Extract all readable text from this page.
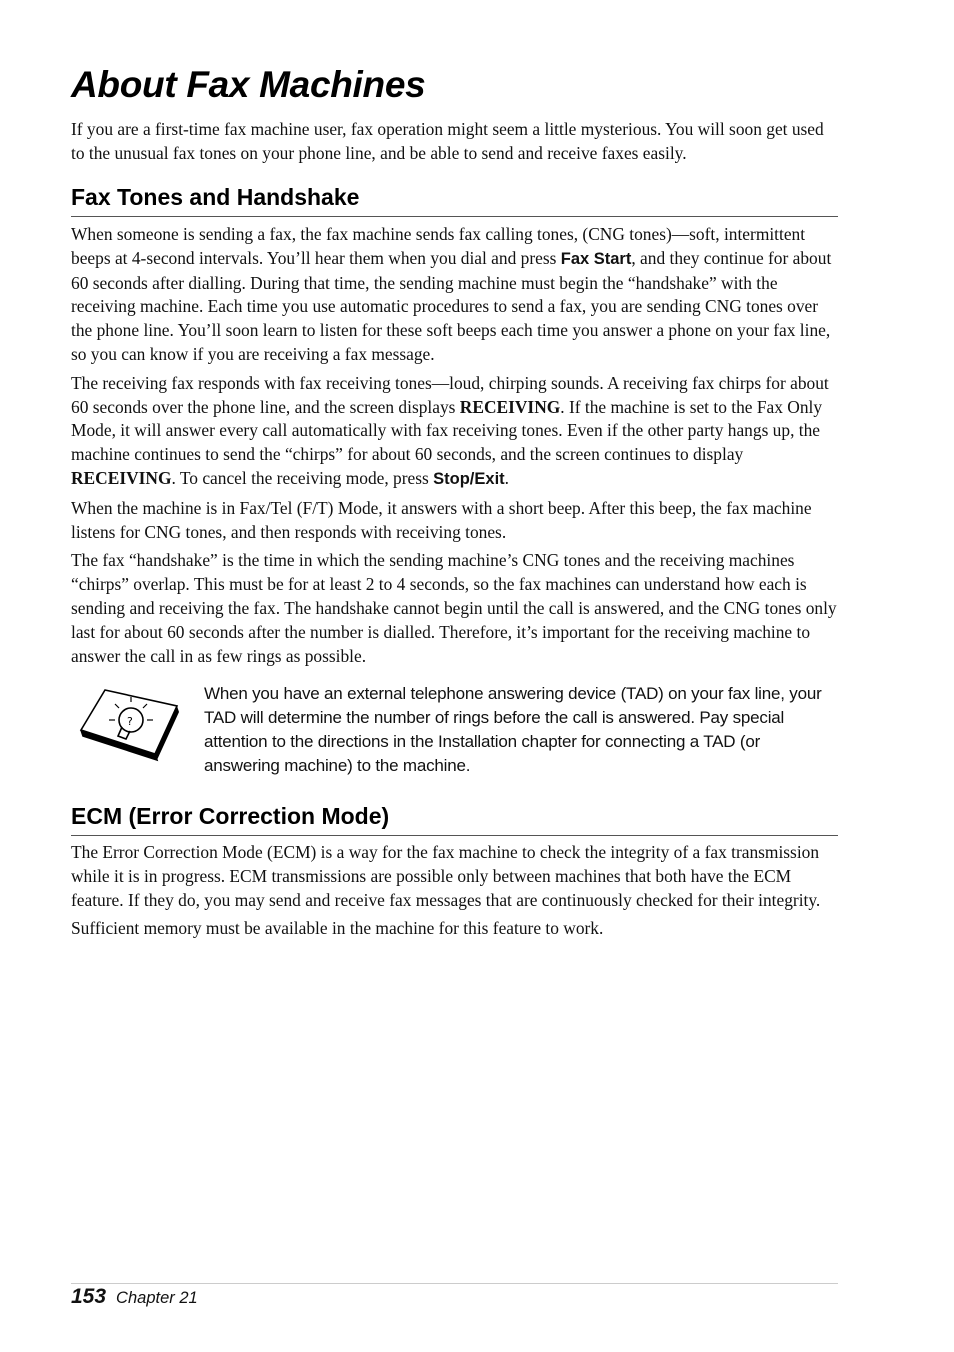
About Fax Machines

If you are a first-time fax machine user, fax operation might seem a little mysterious. You will soon get used to the unusual fax tones on your phone line, and be able to send and receive faxes easily.

Fax Tones and Handshake

When someone is sending a fax, the fax machine sends fax calling tones, (CNG tones)—soft, intermittent beeps at 4-second intervals. You’ll hear them when you dial and press Fax Start, and they continue for about 60 seconds after dialling. During that time, the sending machine must begin the “handshake” with the receiving machine. Each time you use automatic procedures to send a fax, you are sending CNG tones over the phone line. You’ll soon learn to listen for these soft beeps each time you answer a phone on your fax line, so you can know if you are receiving a fax message.

The receiving fax responds with fax receiving tones—loud, chirping sounds. A receiving fax chirps for about 60 seconds over the phone line, and the screen displays RECEIVING. If the machine is set to the Fax Only Mode, it will answer every call automatically with fax receiving tones. Even if the other party hangs up, the machine continues to send the “chirps” for about 60 seconds, and the screen continues to display RECEIVING. To cancel the receiving mode, press Stop/Exit.

When the machine is in Fax/Tel (F/T) Mode, it answers with a short beep. After this beep, the fax machine listens for CNG tones, and then responds with receiving tones.

The fax “handshake” is the time in which the sending machine’s CNG tones and the receiving machines “chirps” overlap. This must be for at least 2 to 4 seconds, so the fax machines can understand how each is sending and receiving the fax. The handshake cannot begin until the call is answered, and the CNG tones only last for about 60 seconds after the number is dialled. Therefore, it’s important for the receiving machine to answer the call in as few rings as possible.

?

When you have an external telephone answering device (TAD) on your fax line, your TAD will determine the number of rings before the call is answered. Pay special attention to the directions in the Installation chapter for connecting a TAD (or answering machine) to the machine.

ECM (Error Correction Mode)

The Error Correction Mode (ECM) is a way for the fax machine to check the integrity of a fax transmission while it is in progress. ECM transmissions are possible only between machines that both have the ECM feature. If they do, you may send and receive fax messages that are continuously checked for their integrity.

Sufficient memory must be available in the machine for this feature to work.

153 Chapter 21
